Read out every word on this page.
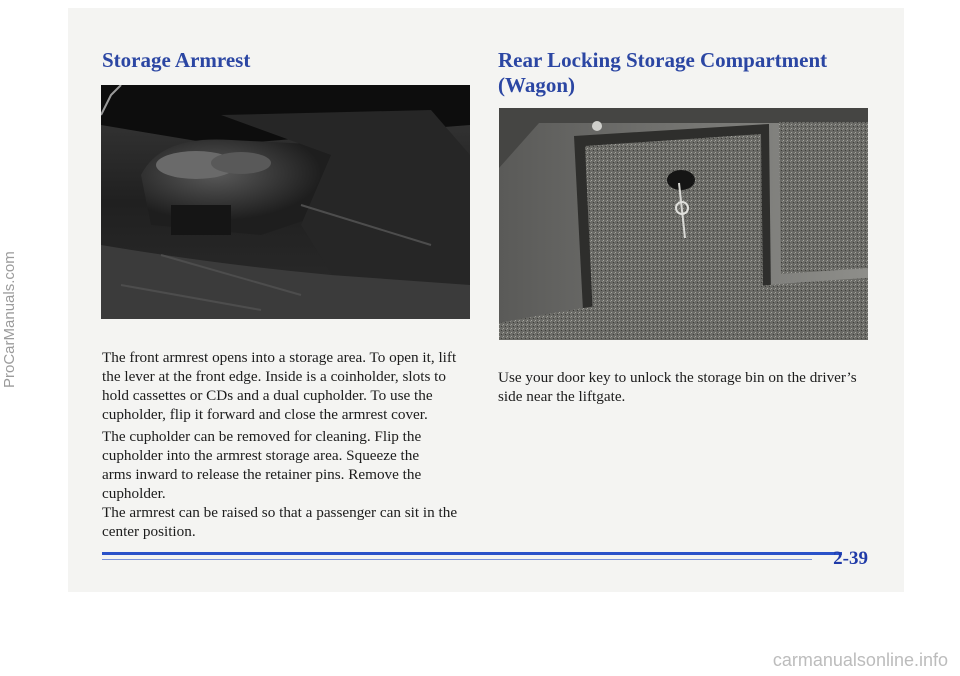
Storage Armrest

The front armrest opens into a storage area. To open it, lift the lever at the front edge. Inside is a coinholder, slots to hold cassettes or CDs and a dual cupholder. To use the cupholder, flip it forward and close the armrest cover.

The cupholder can be removed for cleaning. Flip the cupholder into the armrest storage area. Squeeze the arms inward to release the retainer pins. Remove the cupholder.

The armrest can be raised so that a passenger can sit in the center position.

Rear Locking Storage Compartment
(Wagon)

Use your door key to unlock the storage bin on the driver’s side near the liftgate.

2-39

ProCarManuals.com

carmanualsonline.info
